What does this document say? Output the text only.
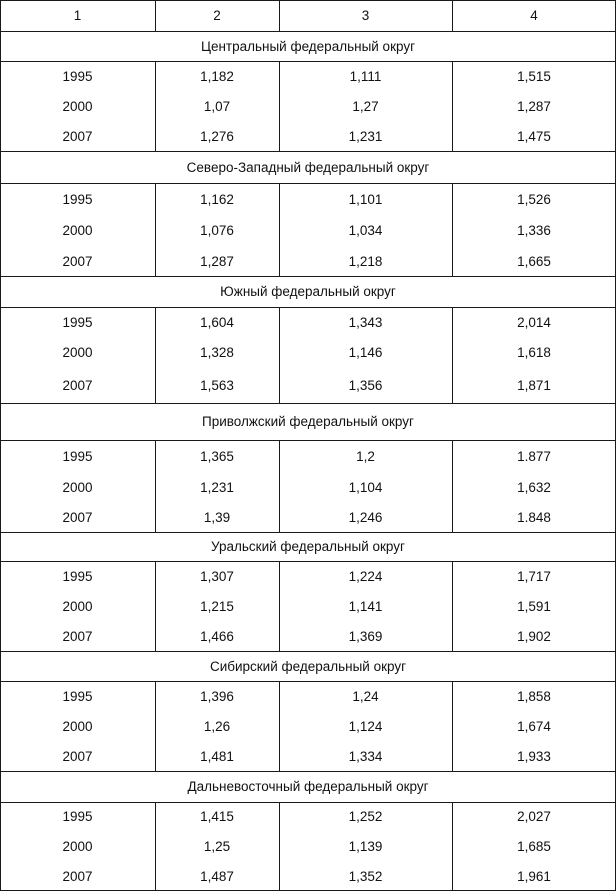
1	2	3	4
Центральный федеральный округ
1995	1,182	1,111	1,515
2000	1,07	1,27	1,287
2007	1,276	1,231	1,475
Северо-Западный федеральный округ
1995	1,162	1,101	1,526
2000	1,076	1,034	1,336
2007	1,287	1,218	1,665
Южный федеральный округ
1995	1,604	1,343	2,014
2000	1,328	1,146	1,618
2007	1,563	1,356	1,871
Приволжский федеральный округ
1995	1,365	1,2	1.877
2000	1,231	1,104	1,632
2007	1,39	1,246	1.848
Уральский федеральный округ
1995	1,307	1,224	1,717
2000	1,215	1,141	1,591
2007	1,466	1,369	1,902
Сибирский федеральный округ
1995	1,396	1,24	1,858
2000	1,26	1,124	1,674
2007	1,481	1,334	1,933
Дальневосточный федеральный округ
1995	1,415	1,252	2,027
2000	1,25	1,139	1,685
2007	1,487	1,352	1,961
